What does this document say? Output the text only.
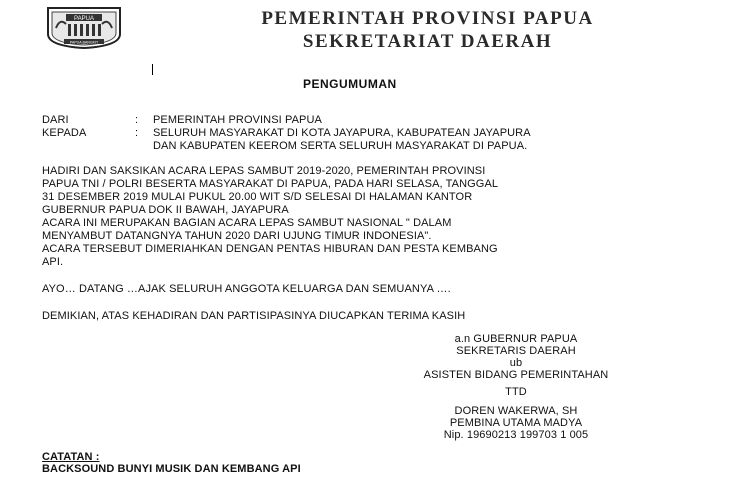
PAPUA
PAPUA BANGKIT
PEMERINTAH PROVINSI PAPUA
SEKRETARIAT DAERAH
PENGUMUMAN
DARI	: PEMERINTAH PROVINSI PAPUA
KEPADA	: SELURUH MASYARAKAT DI KOTA JAYAPURA, KABUPATEAN JAYAPURA
DAN KABUPATEN KEEROM SERTA SELURUH MASYARAKAT DI PAPUA.
HADIRI DAN SAKSIKAN ACARA LEPAS SAMBUT 2019-2020, PEMERINTAH PROVINSI
PAPUA TNI / POLRI BESERTA MASYARAKAT DI PAPUA, PADA HARI SELASA, TANGGAL
31 DESEMBER 2019 MULAI PUKUL 20.00 WIT S/D SELESAI DI HALAMAN KANTOR
GUBERNUR PAPUA DOK II BAWAH, JAYAPURA
ACARA INI MERUPAKAN BAGIAN ACARA LEPAS SAMBUT NASIONAL " DALAM
MENYAMBUT DATANGNYA TAHUN 2020 DARI UJUNG TIMUR INDONESIA".
ACARA TERSEBUT DIMERIAHKAN DENGAN PENTAS HIBURAN DAN PESTA KEMBANG
API.
AYO… DATANG …AJAK SELURUH ANGGOTA KELUARGA DAN SEMUANYA ….
DEMIKIAN, ATAS KEHADIRAN DAN PARTISIPASINYA DIUCAPKAN TERIMA KASIH
a.n GUBERNUR PAPUA
SEKRETARIS DAERAH
ub
ASISTEN BIDANG PEMERINTAHAN
TTD
DOREN WAKERWA, SH
PEMBINA UTAMA MADYA
Nip. 19690213 199703 1 005
CATATAN :
BACKSOUND BUNYI MUSIK DAN KEMBANG API
